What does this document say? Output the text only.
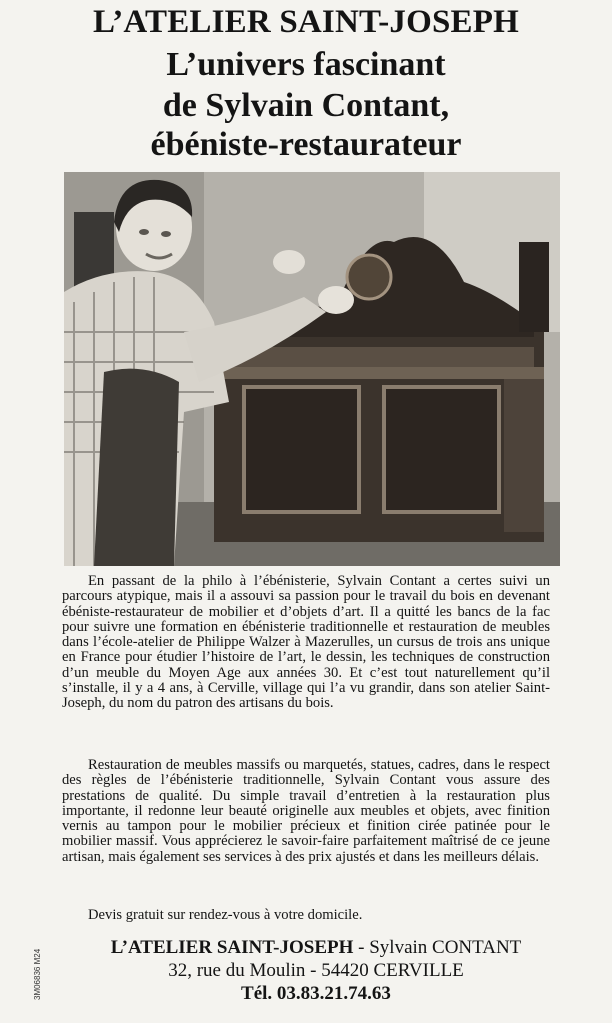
L’ATELIER SAINT-JOSEPH
L’univers fascinant
de Sylvain Contant,
ébéniste-restaurateur

En passant de la philo à l’ébénisterie, Sylvain Contant a certes suivi un parcours atypique, mais il a assouvi sa passion pour le travail du bois en devenant ébéniste-restaurateur de mobilier et d’objets d’art. Il a quitté les bancs de la fac pour suivre une formation en ébénisterie traditionnelle et restauration de meubles dans l’école-atelier de Philippe Walzer à Mazerulles, un cursus de trois ans unique en France pour étudier l’histoire de l’art, le dessin, les techniques de construction d’un meuble du Moyen Age aux années 30. Et c’est tout naturellement qu’il s’installe, il y a 4 ans, à Cerville, village qui l’a vu grandir, dans son atelier Saint-Joseph, du nom du patron des artisans du bois.

Restauration de meubles massifs ou marquetés, statues, cadres, dans le respect des règles de l’ébénisterie traditionnelle, Sylvain Contant vous assure des prestations de qualité. Du simple travail d’entretien à la restauration plus importante, il redonne leur beauté originelle aux meubles et objets, avec finition vernis au tampon pour le mobilier précieux et finition cirée patinée pour le mobilier massif. Vous apprécierez le savoir-faire parfaitement maîtrisé de ce jeune artisan, mais également ses services à des prix ajustés et dans les meilleurs délais.

Devis gratuit sur rendez-vous à votre domicile.

3M06836 M24
L’ATELIER SAINT-JOSEPH - Sylvain CONTANT
32, rue du Moulin - 54420 CERVILLE
Tél. 03.83.21.74.63
